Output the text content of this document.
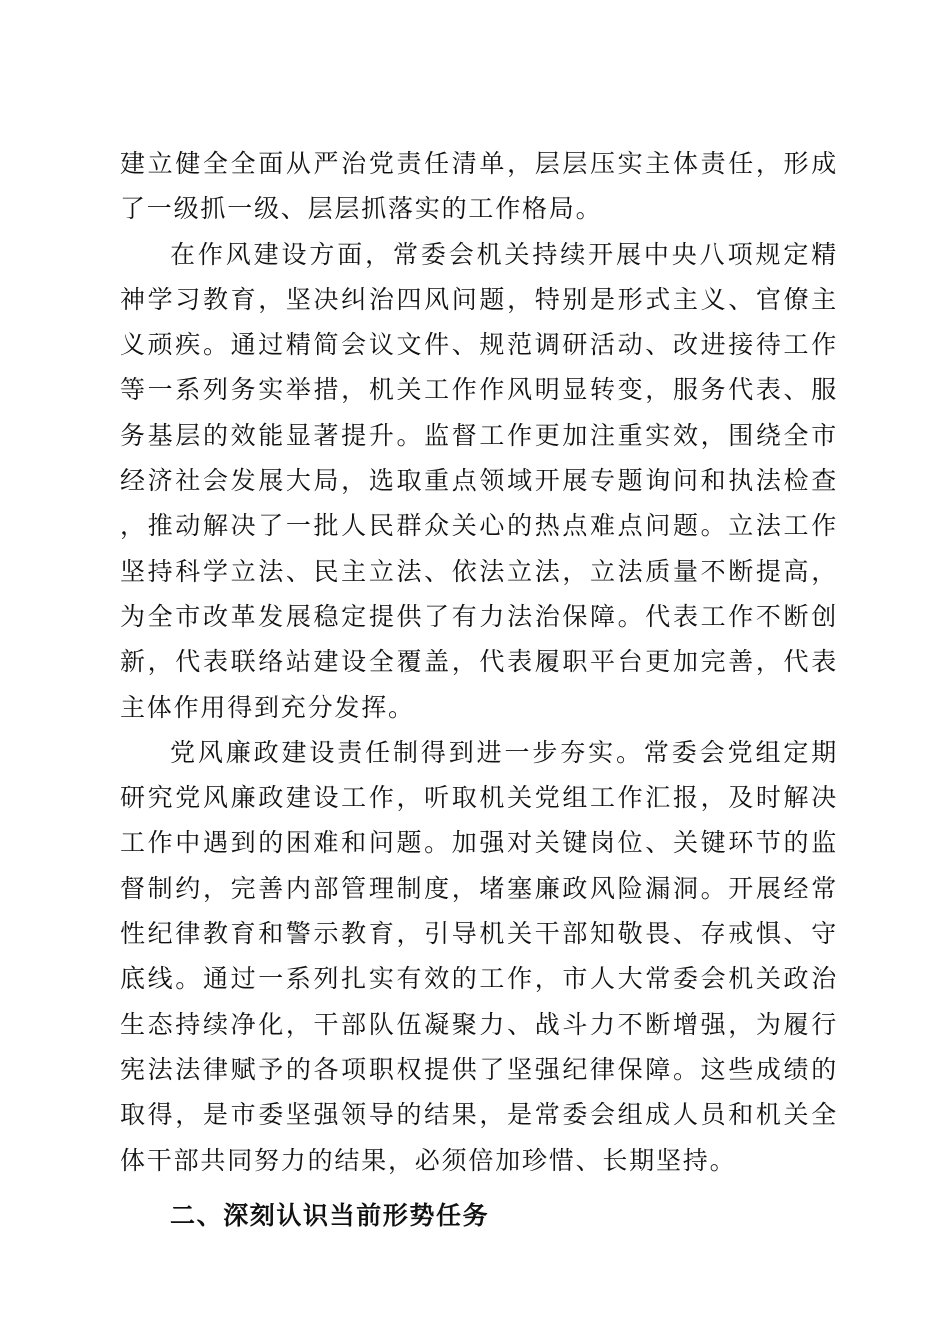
建立健全全面从严治党责任清单，层层压实主体责任，形成了一级抓一级、层层抓落实的工作格局。

在作风建设方面，常委会机关持续开展中央八项规定精神学习教育，坚决纠治四风问题，特别是形式主义、官僚主义顽疾。通过精简会议文件、规范调研活动、改进接待工作等一系列务实举措，机关工作作风明显转变，服务代表、服务基层的效能显著提升。监督工作更加注重实效，围绕全市经济社会发展大局，选取重点领域开展专题询问和执法检查，推动解决了一批人民群众关心的热点难点问题。立法工作坚持科学立法、民主立法、依法立法，立法质量不断提高，为全市改革发展稳定提供了有力法治保障。代表工作不断创新，代表联络站建设全覆盖，代表履职平台更加完善，代表主体作用得到充分发挥。

党风廉政建设责任制得到进一步夯实。常委会党组定期研究党风廉政建设工作，听取机关党组工作汇报，及时解决工作中遇到的困难和问题。加强对关键岗位、关键环节的监督制约，完善内部管理制度，堵塞廉政风险漏洞。开展经常性纪律教育和警示教育，引导机关干部知敬畏、存戒惧、守底线。通过一系列扎实有效的工作，市人大常委会机关政治生态持续净化，干部队伍凝聚力、战斗力不断增强，为履行宪法法律赋予的各项职权提供了坚强纪律保障。这些成绩的取得，是市委坚强领导的结果，是常委会组成人员和机关全体干部共同努力的结果，必须倍加珍惜、长期坚持。

二、深刻认识当前形势任务
